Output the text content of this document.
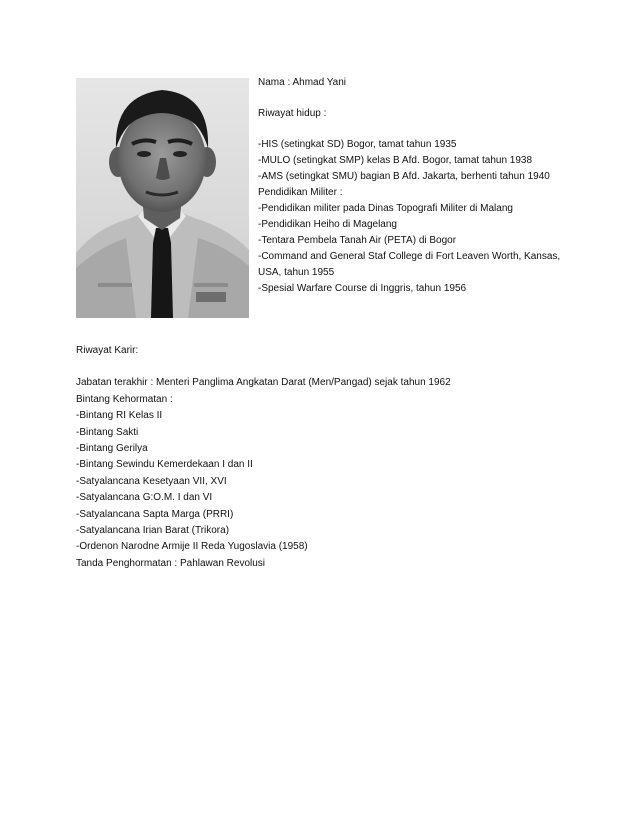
Nama : Ahmad Yani
Riwayat hidup :
-HIS (setingkat SD) Bogor, tamat tahun 1935
-MULO (setingkat SMP) kelas B Afd. Bogor, tamat tahun 1938
-AMS (setingkat SMU) bagian B Afd. Jakarta, berhenti tahun 1940
Pendidikan Militer :
-Pendidikan militer pada Dinas Topografi Militer di Malang
-Pendidikan Heiho di Magelang
-Tentara Pembela Tanah Air (PETA) di Bogor
-Command and General Staf College di Fort Leaven Worth, Kansas,
USA, tahun 1955
-Spesial Warfare Course di Inggris, tahun 1956
Riwayat Karir:
Jabatan terakhir : Menteri Panglima Angkatan Darat (Men/Pangad) sejak tahun 1962
Bintang Kehormatan :
-Bintang RI Kelas II
-Bintang Sakti
-Bintang Gerilya
-Bintang Sewindu Kemerdekaan I dan II
-Satyalancana Kesetyaan VII, XVI
-Satyalancana G:O.M. I dan VI
-Satyalancana Sapta Marga (PRRI)
-Satyalancana Irian Barat (Trikora)
-Ordenon Narodne Armije II Reda Yugoslavia (1958)
Tanda Penghormatan : Pahlawan Revolusi
